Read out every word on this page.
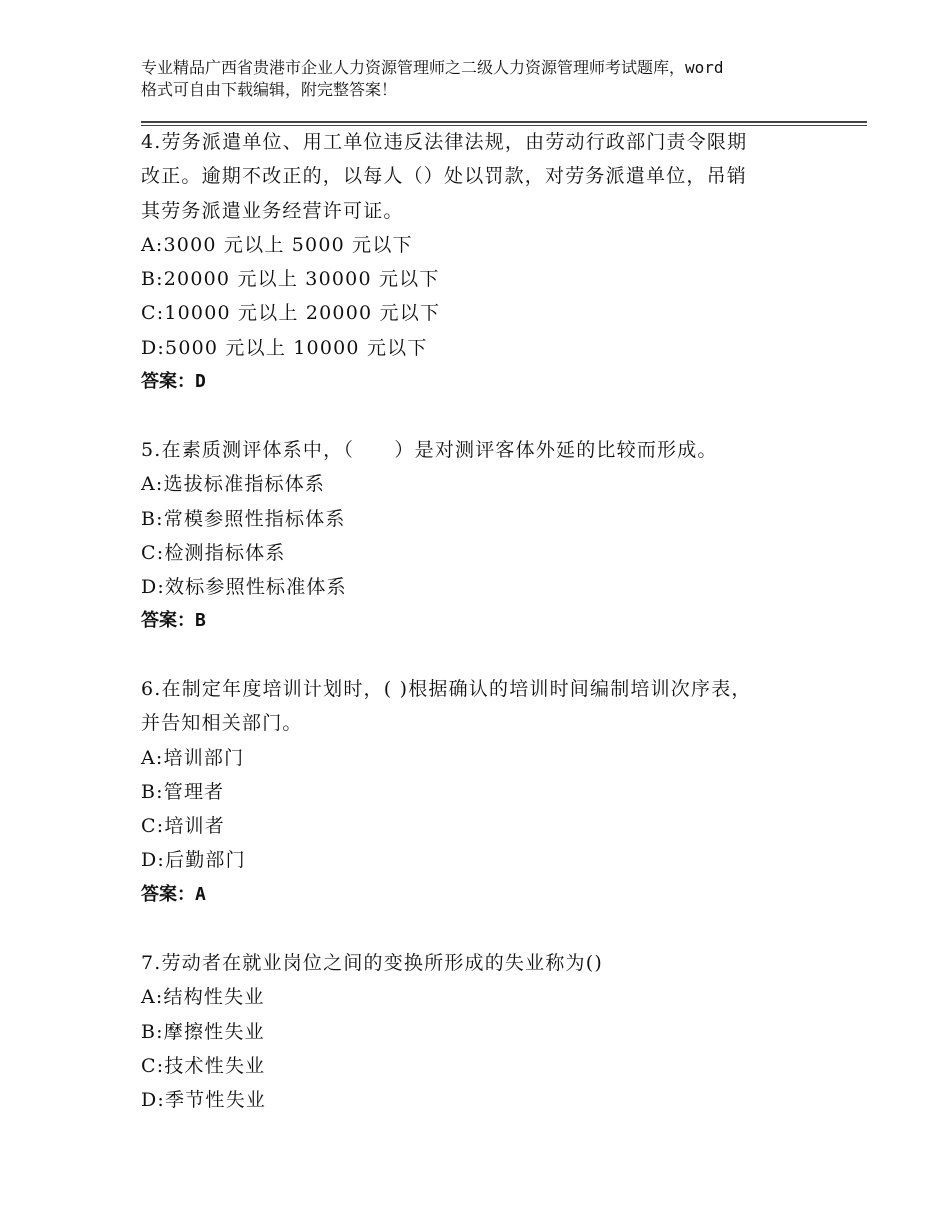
专业精品广西省贵港市企业人力资源管理师之二级人力资源管理师考试题库，word
格式可自由下载编辑，附完整答案！
4.劳务派遣单位、用工单位违反法律法规，由劳动行政部门责令限期
改正。逾期不改正的，以每人（）处以罚款，对劳务派遣单位，吊销
其劳务派遣业务经营许可证。
A:3000 元以上 5000 元以下
B:20000 元以上 30000 元以下
C:10000 元以上 20000 元以下
D:5000 元以上 10000 元以下
答案：D
5.在素质测评体系中，（　　）是对测评客体外延的比较而形成。
A:选拔标准指标体系
B:常模参照性指标体系
C:检测指标体系
D:效标参照性标准体系
答案：B
6.在制定年度培训计划时，( )根据确认的培训时间编制培训次序表，
并告知相关部门。
A:培训部门
B:管理者
C:培训者
D:后勤部门
答案：A
7.劳动者在就业岗位之间的变换所形成的失业称为()
A:结构性失业
B:摩擦性失业
C:技术性失业
D:季节性失业
